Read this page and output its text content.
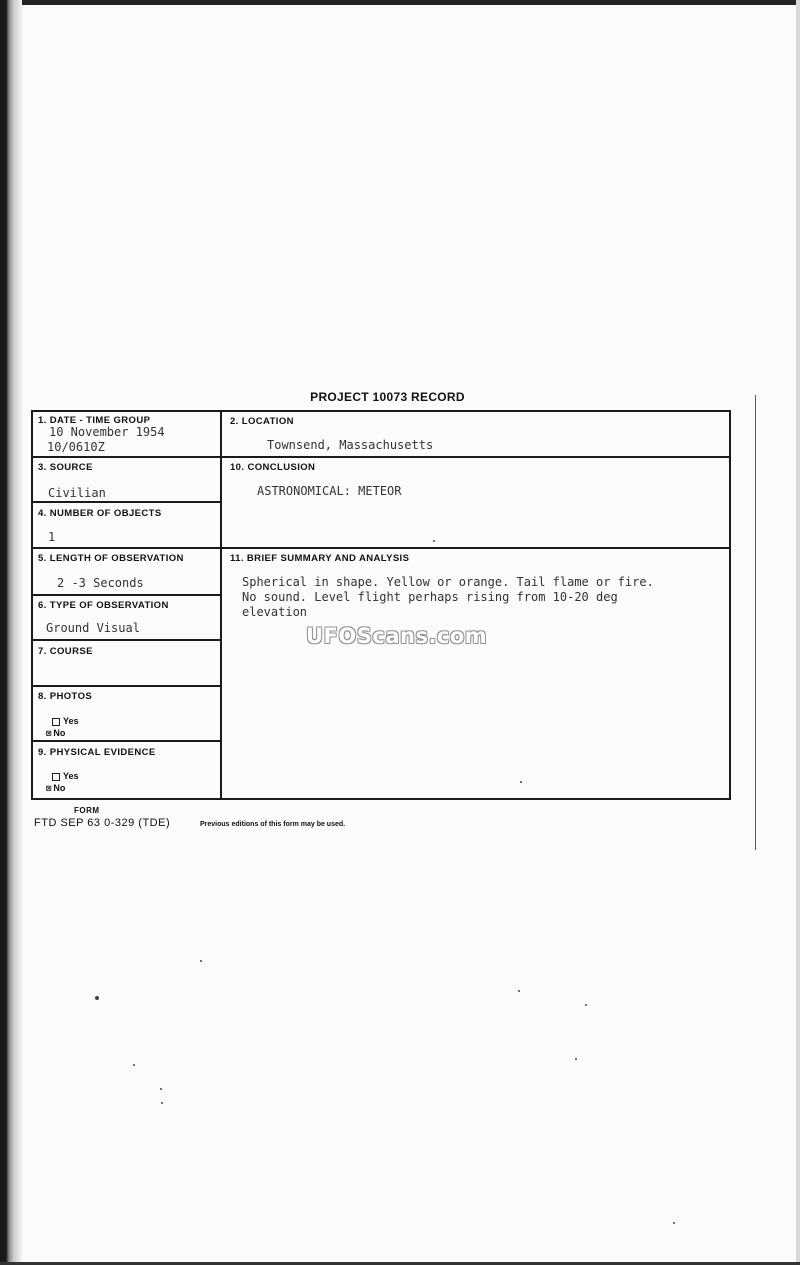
PROJECT 10073 RECORD
1. DATE - TIME GROUP
10 November 1954
10/0610Z
2. LOCATION
Townsend, Massachusetts
3. SOURCE
Civilian
10. CONCLUSION
ASTRONOMICAL: METEOR
4. NUMBER OF OBJECTS
1
5. LENGTH OF OBSERVATION
2 -3 Seconds
11. BRIEF SUMMARY AND ANALYSIS
Spherical in shape. Yellow or orange. Tail flame or fire.
No sound. Level flight perhaps rising from 10-20 deg
elevation
6. TYPE OF OBSERVATION
Ground Visual
7. COURSE
8. PHOTOS
Yes
⊠ No
9. PHYSICAL EVIDENCE
Yes
⊠ No
UFOScans.com
FORM
FTD SEP 63 0-329 (TDE)	Previous editions of this form may be used.
